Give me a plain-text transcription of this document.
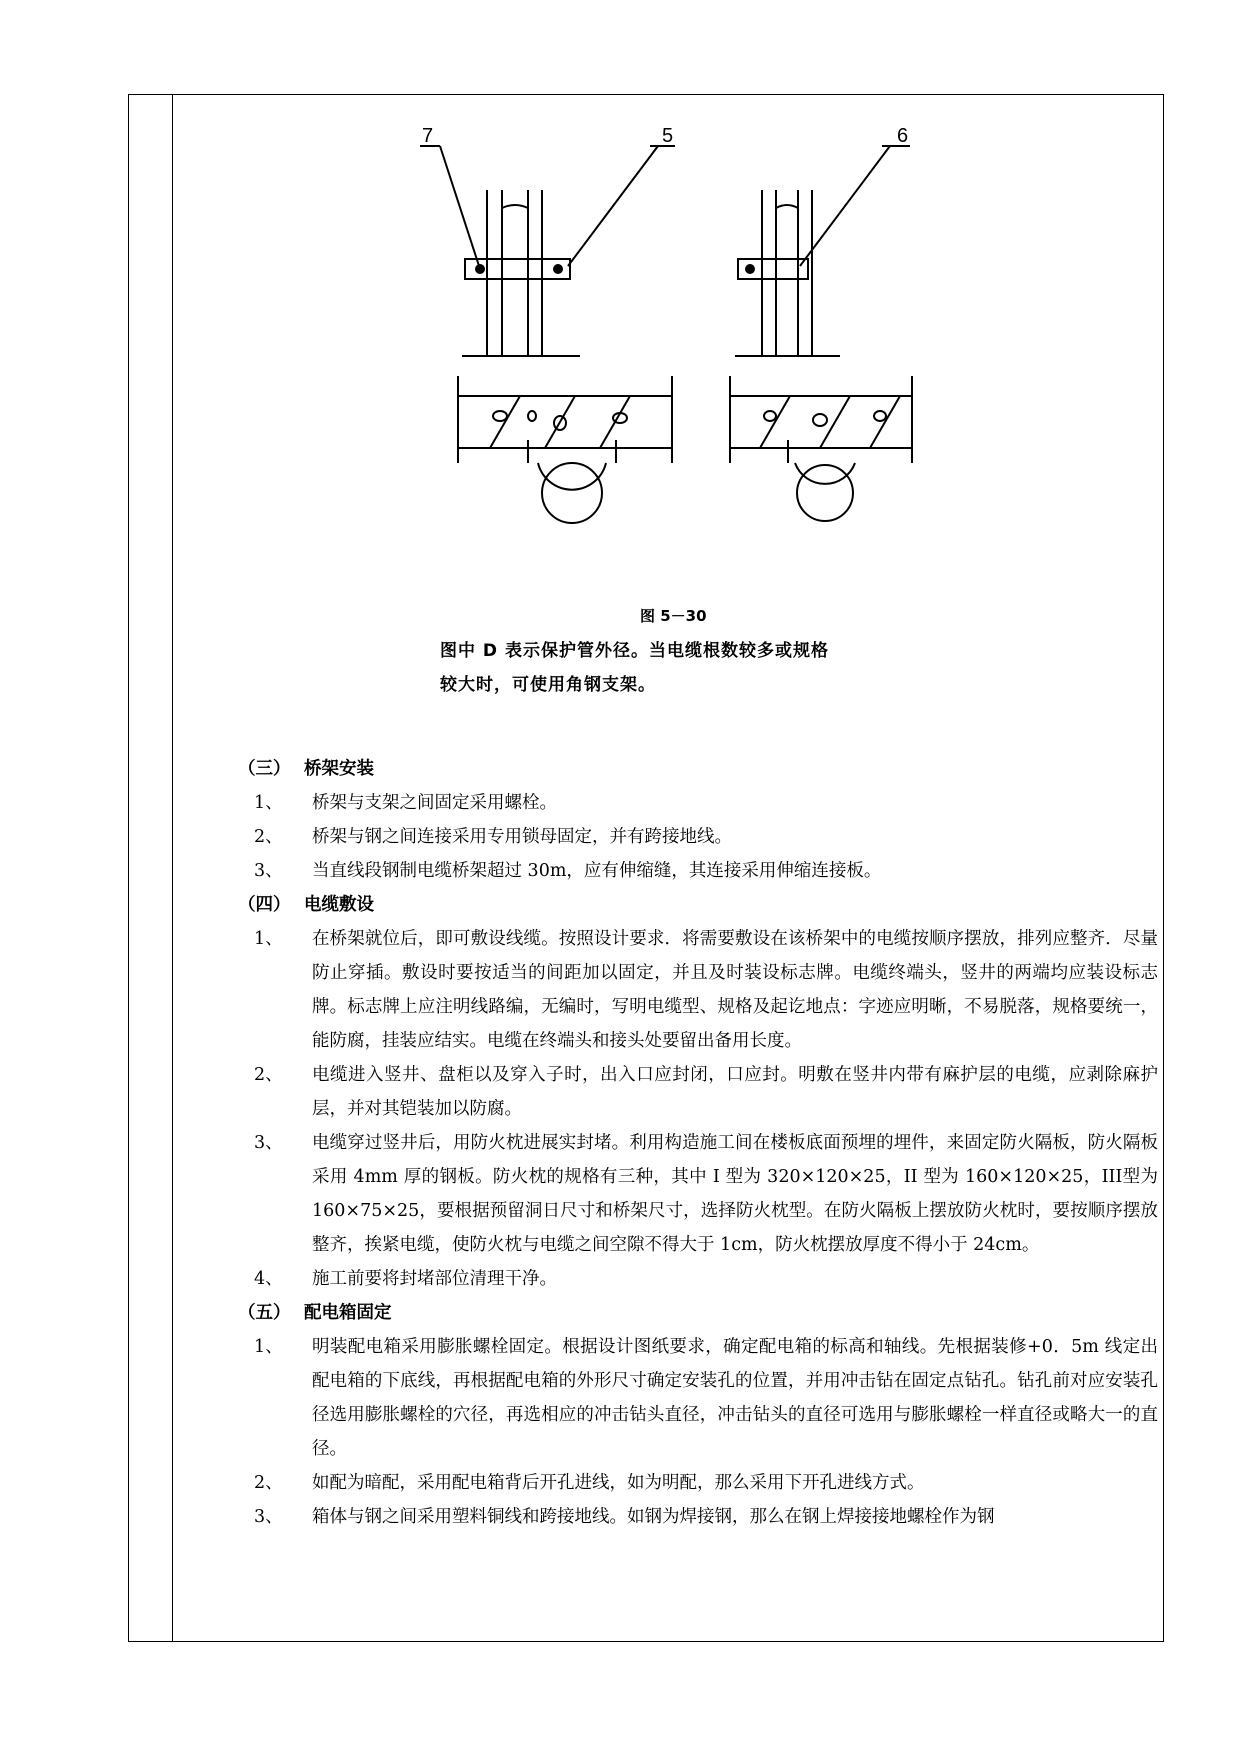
7	5	6
图 5－30
图中 D 表示保护管外径。当电缆根数较多或规格
较大时，可使用角钢支架。
（三） 桥架安装
1、	桥架与支架之间固定采用螺栓。
2、	桥架与钢之间连接采用专用锁母固定，并有跨接地线。
3、	当直线段钢制电缆桥架超过 30m，应有伸缩缝，其连接采用伸缩连接板。
（四） 电缆敷设
1、	在桥架就位后，即可敷设线缆。按照设计要求．将需要敷设在该桥架中的电缆按顺序摆放，排列应整齐．尽量防止穿插。敷设时要按适当的间距加以固定，并且及时装设标志牌。电缆终端头，竖井的两端均应装设标志牌。标志牌上应注明线路编，无编时，写明电缆型、规格及起讫地点：字迹应明晰，不易脱落，规格要统一，能防腐，挂装应结实。电缆在终端头和接头处要留出备用长度。
2、	电缆进入竖井、盘柜以及穿入子时，出入口应封闭，口应封。明敷在竖井内带有麻护层的电缆，应剥除麻护层，并对其铠装加以防腐。
3、	电缆穿过竖井后，用防火枕进展实封堵。利用构造施工间在楼板底面预埋的埋件，来固定防火隔板，防火隔板采用 4mm 厚的钢板。防火枕的规格有三种，其中 I 型为 320×120×25，II 型为 160×120×25，III型为 160×75×25，要根据预留洞日尺寸和桥架尺寸，选择防火枕型。在防火隔板上摆放防火枕时，要按顺序摆放整齐，挨紧电缆，使防火枕与电缆之间空隙不得大于 1cm，防火枕摆放厚度不得小于 24cm。
4、	施工前要将封堵部位清理干净。
（五） 配电箱固定
1、	明装配电箱采用膨胀螺栓固定。根据设计图纸要求，确定配电箱的标高和轴线。先根据装修+0．5m 线定出配电箱的下底线，再根据配电箱的外形尺寸确定安装孔的位置，并用冲击钻在固定点钻孔。钻孔前对应安装孔径选用膨胀螺栓的穴径，再选相应的冲击钻头直径，冲击钻头的直径可选用与膨胀螺栓一样直径或略大一的直径。
2、	如配为暗配，采用配电箱背后开孔进线，如为明配，那么采用下开孔进线方式。
3、	箱体与钢之间采用塑料铜线和跨接地线。如钢为焊接钢，那么在钢上焊接接地螺栓作为钢
